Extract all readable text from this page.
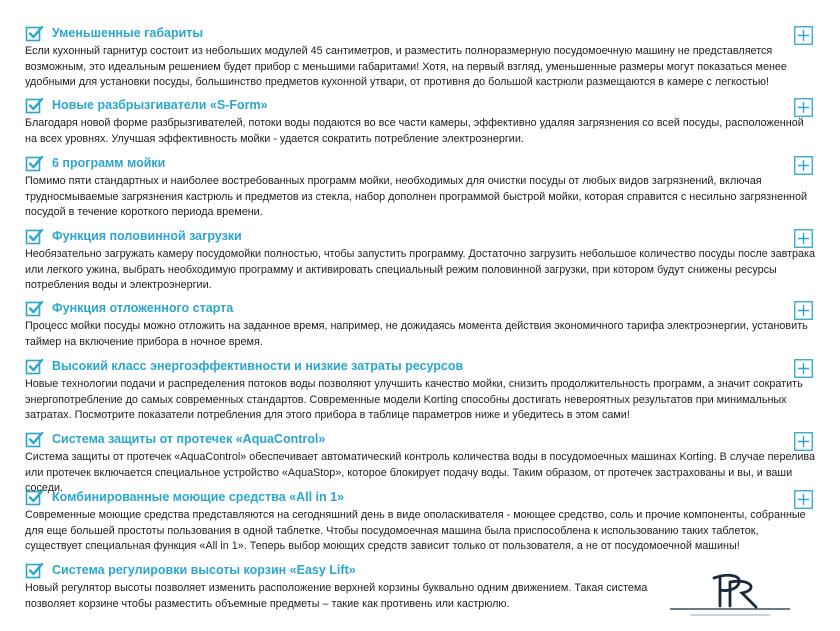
Уменьшенные габариты
Если кухонный гарнитур состоит из небольших модулей 45 сантиметров, и разместить полноразмерную посудомоечную машину не представляется возможным, это идеальным решением будет прибор с меньшими габаритами! Хотя, на первый взгляд, уменьшенные размеры могут показаться менее удобными для установки посуды, большинство предметов кухонной утвари, от противня до большой кастрюли размещаются в камере с легкостью!
Новые разбрызгиватели «S-Form»
Благодаря новой форме разбрызгивателей, потоки воды подаются во все части камеры, эффективно удаляя загрязнения со всей посуды, расположенной на всех уровнях. Улучшая эффективность мойки - удается сократить потребление электроэнергии.
6 программ мойки
Помимо пяти стандартных и наиболее востребованных программ мойки, необходимых для очистки посуды от любых видов загрязнений, включая трудносмываемые загрязнения кастрюль и предметов из стекла, набор дополнен программой быстрой мойки, которая справится с несильно загрязненной посудой в течение короткого периода времени.
Функция половинной загрузки
Необязательно загружать камеру посудомойки полностью, чтобы запустить программу. Достаточно загрузить небольшое количество посуды после завтрака или легкого ужина, выбрать необходимую программу и активировать специальный режим половинной загрузки, при котором будут снижены ресурсы потребления воды и электроэнергии.
Функция отложенного старта
Процесс мойки посуды можно отложить на заданное время, например, не дожидаясь момента действия экономичного тарифа электроэнергии, установить таймер на включение прибора в ночное время.
Высокий класс энергоэффективности и низкие затраты ресурсов
Новые технологии подачи и распределения потоков воды позволяют улучшить качество мойки, снизить продолжительность программ, а значит сократить энергопотребление до самых современных стандартов. Современные модели Korting способны достигать невероятных результатов при минимальных затратах. Посмотрите показатели потребления для этого прибора в таблице параметров ниже и убедитесь в этом сами!
Система защиты от протечек «AquaControl»
Система защиты от протечек «AquaControl» обеспечивает автоматический контроль количества воды в посудомоечных машинах Korting. В случае перелива или протечек включается специальное устройство «AquaStop», которое блокирует подачу воды. Таким образом, от протечек застрахованы и вы, и ваши соседи.
Комбинированные моющие средства «All in 1»
Современные моющие средства представляются на сегодняшний день в виде ополаскивателя - моющее средство, соль и прочие компоненты, собранные для еще большей простоты пользования в одной таблетке. Чтобы посудомоечная машина была приспособлена к использованию таких таблеток, существует специальная функция «All in 1». Теперь выбор моющих средств зависит только от пользователя, а не от посудомоечной машины!
Система регулировки высоты корзин «Easy Lift»
Новый регулятор высоты позволяет изменить расположение верхней корзины буквально одним движением. Такая система позволяет корзине чтобы разместить объемные предметы – такие как противень или кастрюлю.
